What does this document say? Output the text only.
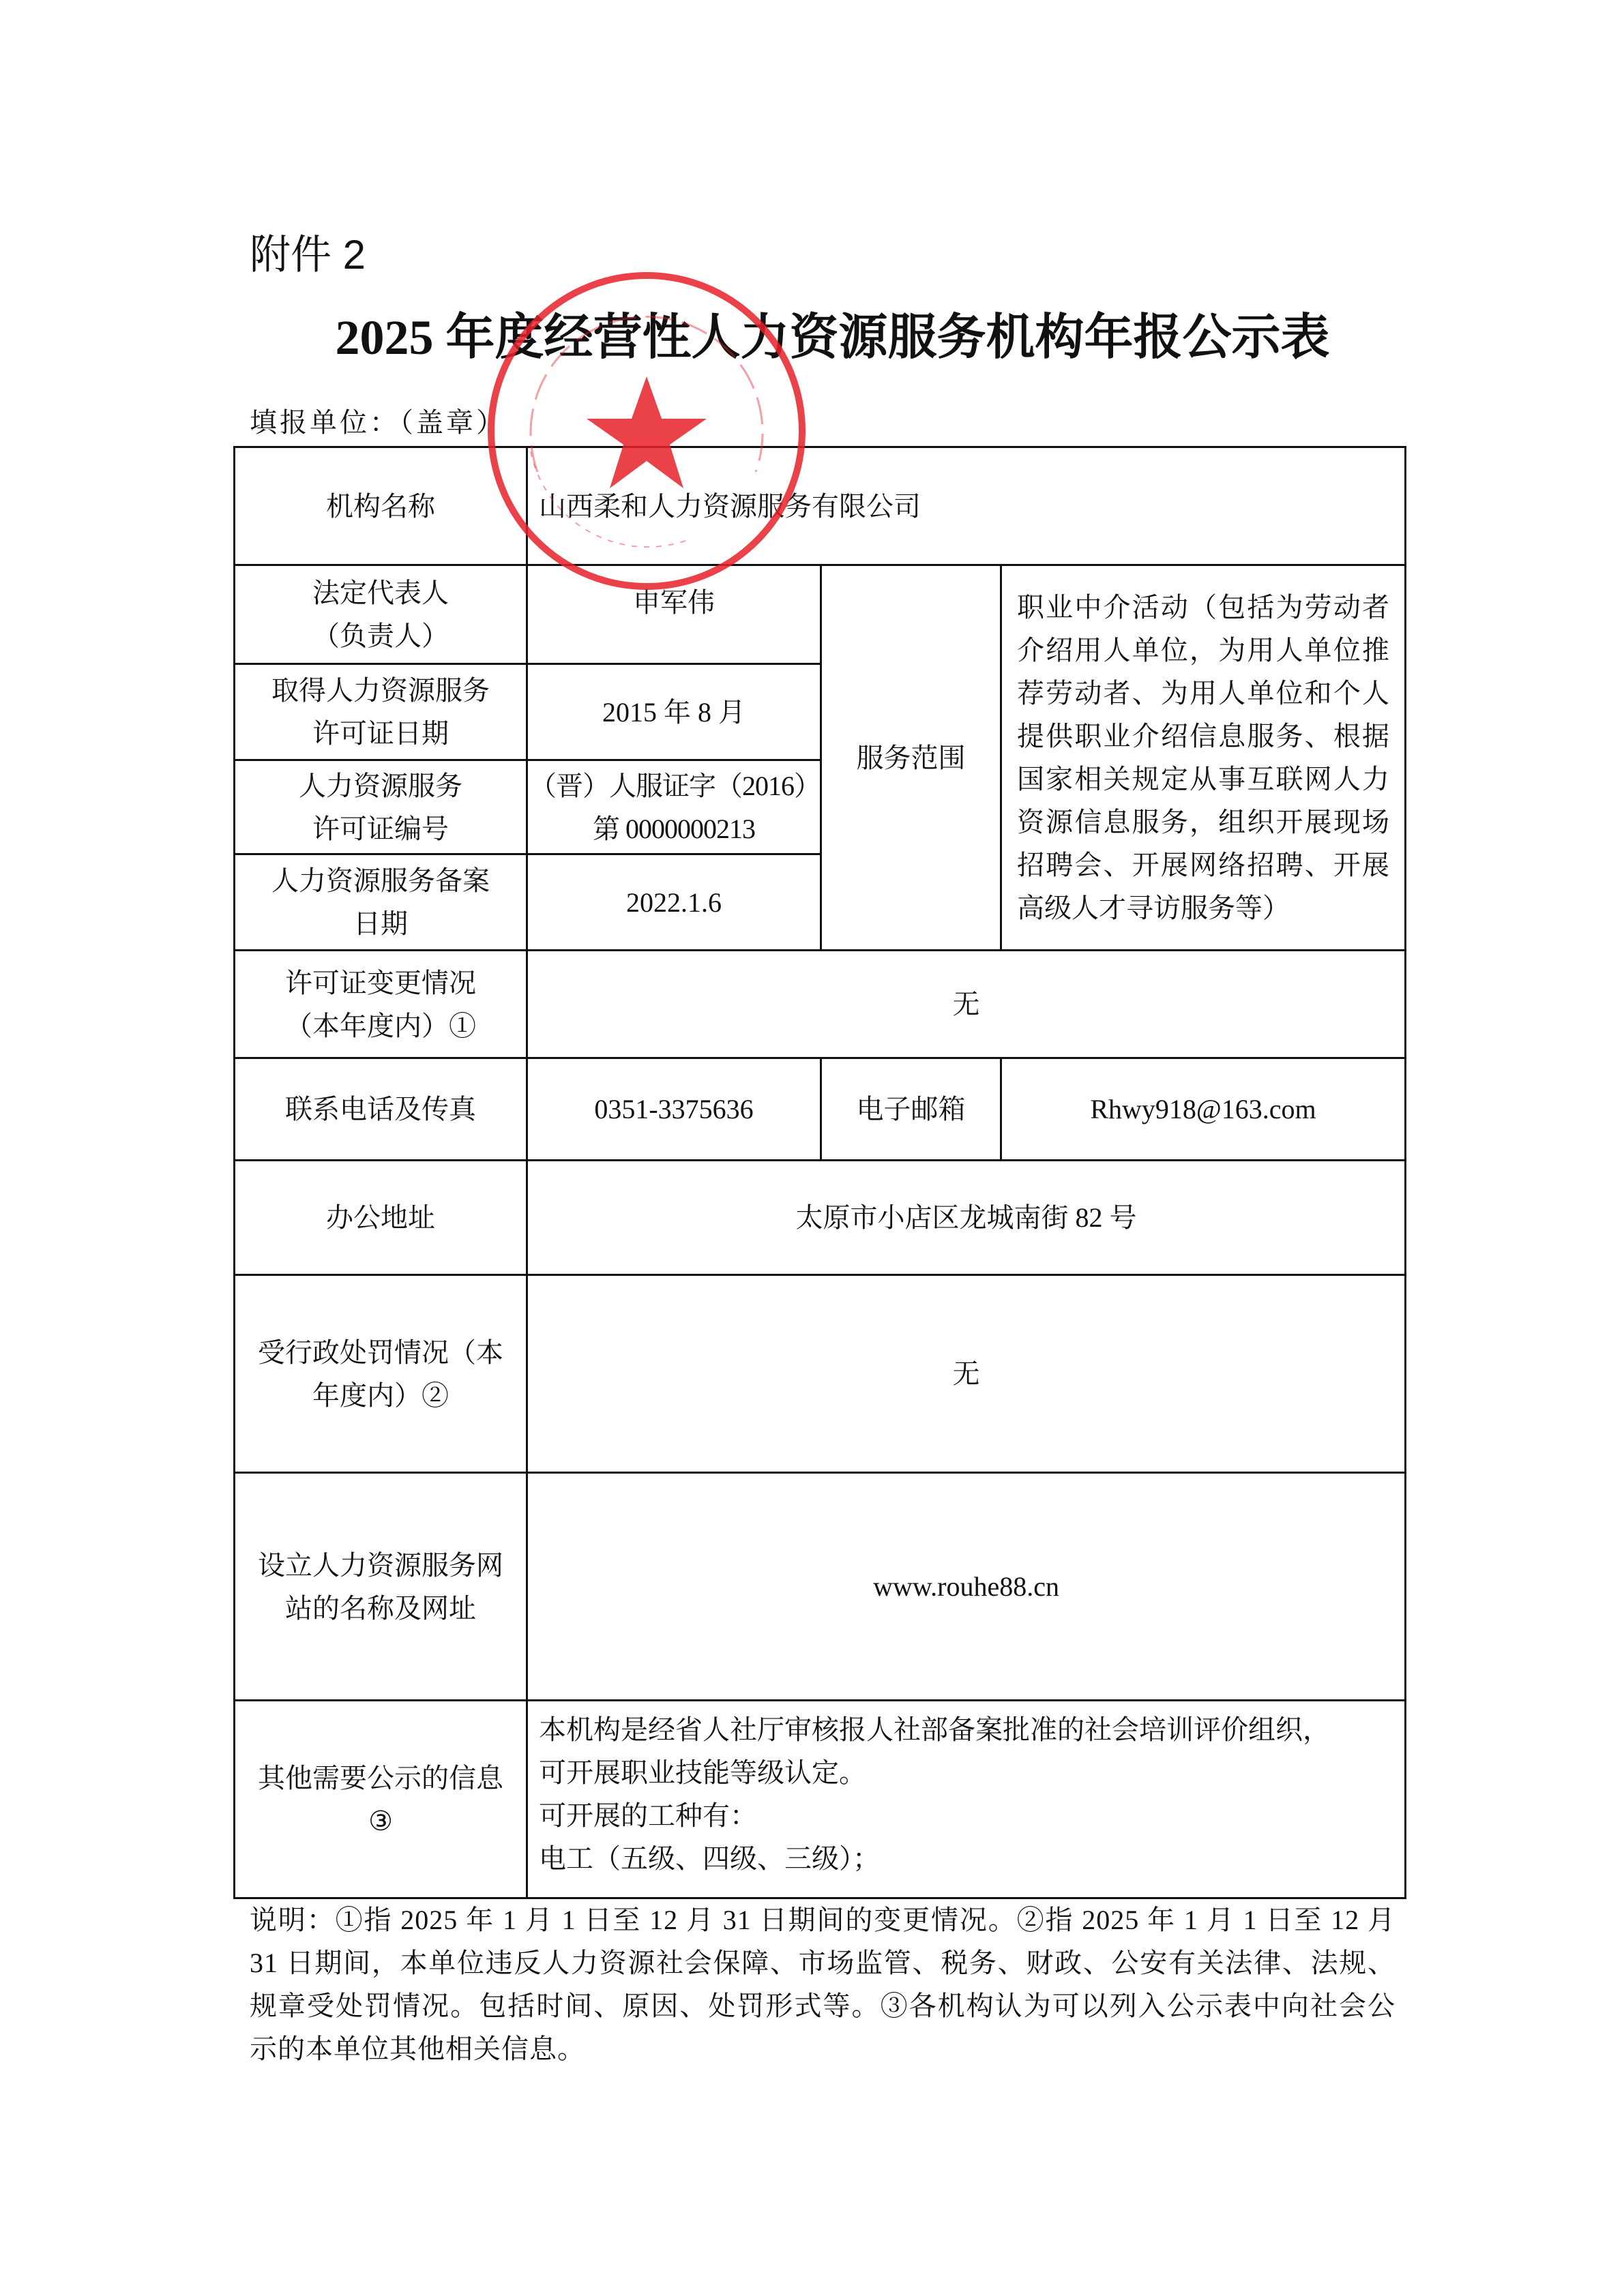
附件 2
2025 年度经营性人力资源服务机构年报公示表
填报单位：（盖章）
机构名称	山西柔和人力资源服务有限公司		
法定代表人
（负责人）	申军伟	服务范围	职业中介活动（包括为劳动者介绍用人单位，为用人单位推荐劳动者、为用人单位和个人提供职业介绍信息服务、根据国家相关规定从事互联网人力资源信息服务，组织开展现场招聘会、开展网络招聘、开展高级人才寻访服务等）
取得人力资源服务
许可证日期	2015 年 8 月		
人力资源服务
许可证编号	（晋）人服证字（2016）
第 0000000213		
人力资源服务备案
日期	2022.1.6		
许可证变更情况
（本年度内）①	无		
联系电话及传真	0351-3375636	电子邮箱	Rhwy918@163.com
办公地址	太原市小店区龙城南街 82 号		
受行政处罚情况（本
年度内）②	无		
设立人力资源服务网
站的名称及网址	www.rouhe88.cn		
其他需要公示的信息
③	本机构是经省人社厅审核报人社部备案批准的社会培训评价组织，
可开展职业技能等级认定。
可开展的工种有：
电工（五级、四级、三级）；		
说明：①指 2025 年 1 月 1 日至 12 月 31 日期间的变更情况。②指 2025 年 1 月 1 日至 12 月 31 日期间，本单位违反人力资源社会保障、市场监管、税务、财政、公安有关法律、法规、规章受处罚情况。包括时间、原因、处罚形式等。③各机构认为可以列入公示表中向社会公示的本单位其他相关信息。
